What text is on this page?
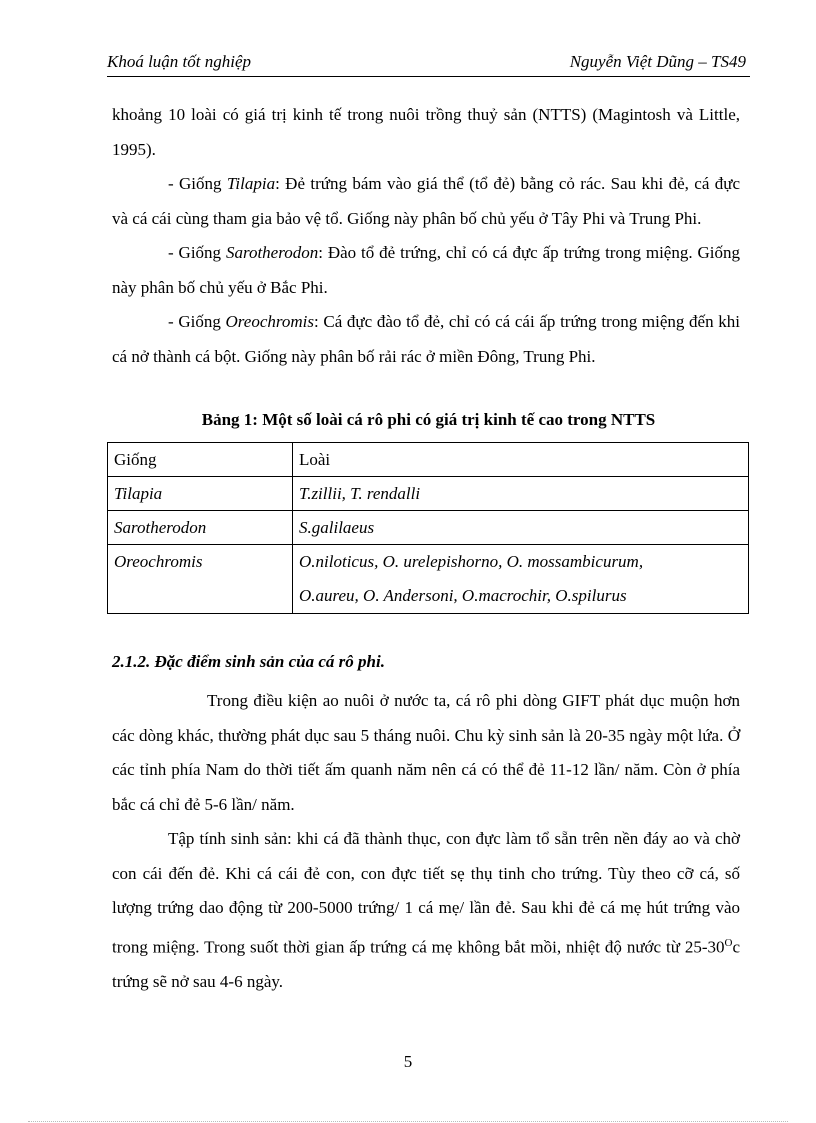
Khoá luận tốt nghiệp	Nguyễn Việt Dũng – TS49

khoảng 10 loài có giá trị kinh tế trong nuôi trồng thuỷ sản (NTTS) (Magintosh và Little, 1995).

- Giống Tilapia: Đẻ trứng bám vào giá thể (tổ đẻ) bằng cỏ rác. Sau khi đẻ, cá đực và cá cái cùng tham gia bảo vệ tổ. Giống này phân bố chủ yếu ở Tây Phi và Trung Phi.

- Giống Sarotherodon: Đào tổ đẻ trứng, chỉ có cá đực ấp trứng trong miệng. Giống này phân bố chủ yếu ở Bắc Phi.

- Giống Oreochromis: Cá đực đào tổ đẻ, chỉ có cá cái ấp trứng trong miệng đến khi cá nở thành cá bột. Giống này phân bố rải rác ở miền Đông, Trung Phi.

Bảng 1: Một số loài cá rô phi có giá trị kinh tế cao trong NTTS
Giống	Loài
Tilapia	T.zillii, T. rendalli
Sarotherodon	S.galilaeus
Oreochromis	O.niloticus, O. urelepishorno, O. mossambicurum,
O.aureu, O. Andersoni, O.macrochir, O.spilurus
2.1.2. Đặc điểm sinh sản của cá rô phi.

Trong điều kiện ao nuôi ở nước ta, cá rô phi dòng GIFT phát dục muộn hơn các dòng khác, thường phát dục sau 5 tháng nuôi. Chu kỳ sinh sản là 20-35 ngày một lứa. Ở các tỉnh phía Nam do thời tiết ấm quanh năm nên cá có thể đẻ 11-12 lần/ năm. Còn ở phía bắc cá chỉ đẻ 5-6 lần/ năm.

Tập tính sinh sản: khi cá đã thành thục, con đực làm tổ sẵn trên nền đáy ao và chờ con cái đến đẻ. Khi cá cái đẻ con, con đực tiết sẹ thụ tinh cho trứng. Tùy theo cỡ cá, số lượng trứng dao động từ 200-5000 trứng/ 1 cá mẹ/ lần đẻ. Sau khi đẻ cá mẹ hút trứng vào trong miệng. Trong suốt thời gian ấp trứng cá mẹ không bắt mồi, nhiệt độ nước từ $25-30^Oc$ trứng sẽ nở sau 4-6 ngày.

5
